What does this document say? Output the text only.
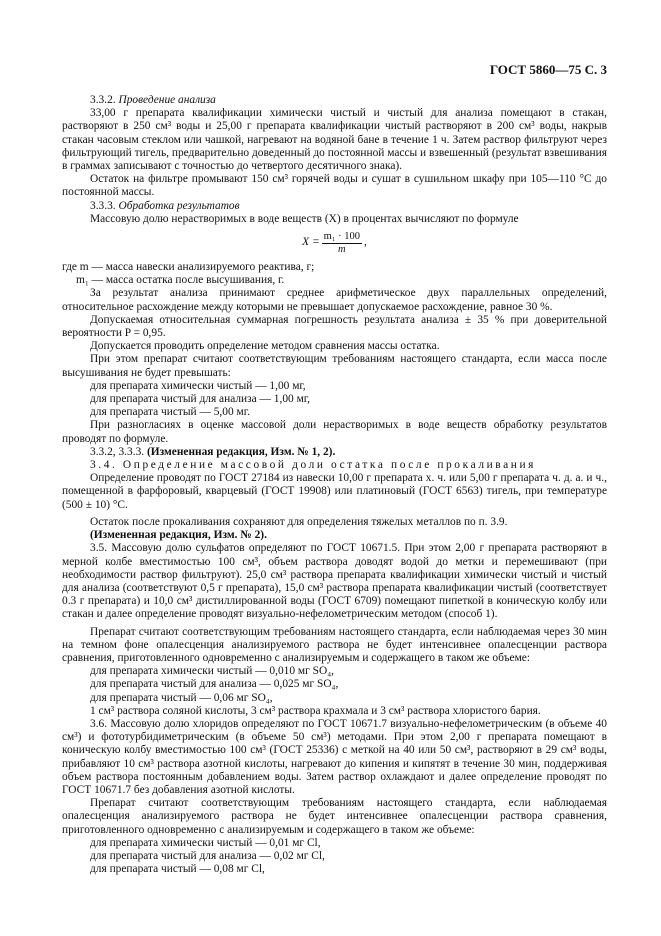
ГОСТ 5860—75 С. 3

3.3.2. Проведение анализа

33,00 г препарата квалификации химически чистый и чистый для анализа помещают в стакан, растворяют в 250 см³ воды и 25,00 г препарата квалификации чистый растворяют в 200 см³ воды, накрыв стакан часовым стеклом или чашкой, нагревают на водяной бане в течение 1 ч. Затем раствор фильтруют через фильтрующий тигель, предварительно доведенный до постоянной массы и взвешенный (результат взвешивания в граммах записывают с точностью до четвертого десятичного знака).

Остаток на фильтре промывают 150 см³ горячей воды и сушат в сушильном шкафу при 105—110 °С до постоянной массы.

3.3.3. Обработка результатов

Массовую долю нерастворимых в воде веществ (X) в процентах вычисляют по формуле

$X = \frac{\text{m₁ · 100}}{m}$ ,

где m — масса навески анализируемого реактива, г;

m₁ — масса остатка после высушивания, г.

За результат анализа принимают среднее арифметическое двух параллельных определений, относительное расхождение между которыми не превышает допускаемое расхождение, равное 30 %.

Допускаемая относительная суммарная погрешность результата анализа ± 35 % при доверительной вероятности P = 0,95.

Допускается проводить определение методом сравнения массы остатка.

При этом препарат считают соответствующим требованиям настоящего стандарта, если масса после высушивания не будет превышать:

для препарата химически чистый — 1,00 мг,

для препарата чистый для анализа — 1,00 мг,

для препарата чистый — 5,00 мг.

При разногласиях в оценке массовой доли нерастворимых в воде веществ обработку результатов проводят по формуле.

3.3.2, 3.3.3. (Измененная редакция, Изм. № 1, 2).

3.4. Определение массовой доли остатка после прокаливания

Определение проводят по ГОСТ 27184 из навески 10,00 г препарата х. ч. или 5,00 г препарата ч. д. а. и ч., помещенной в фарфоровый, кварцевый (ГОСТ 19908) или платиновый (ГОСТ 6563) тигель, при температуре (500 ± 10) °С.

Остаток после прокаливания сохраняют для определения тяжелых металлов по п. 3.9.

(Измененная редакция, Изм. № 2).

3.5. Массовую долю сульфатов определяют по ГОСТ 10671.5. При этом 2,00 г препарата растворяют в мерной колбе вместимостью 100 см³, объем раствора доводят водой до метки и перемешивают (при необходимости раствор фильтруют). 25,0 см³ раствора препарата квалификации химически чистый и чистый для анализа (соответствуют 0,5 г препарата), 15,0 см³ раствора препарата квалификации чистый (соответствует 0.3 г препарата) и 10,0 см³ дистиллированной воды (ГОСТ 6709) помещают пипеткой в коническую колбу или стакан и далее определение проводят визуально-нефелометрическим методом (способ 1).

Препарат считают соответствующим требованиям настоящего стандарта, если наблюдаемая через 30 мин на темном фоне опалесценция анализируемого раствора не будет интенсивнее опалесценции раствора сравнения, приготовленного одновременно с анализируемым и содержащего в таком же объеме:

для препарата химически чистый — 0,010 мг SO₄,

для препарата чистый для анализа — 0,025 мг SO₄,

для препарата чистый — 0,06 мг SO₄,

1 см³ раствора соляной кислоты, 3 см³ раствора крахмала и 3 см³ раствора хлористого бария.

3.6. Массовую долю хлоридов определяют по ГОСТ 10671.7 визуально-нефелометрическим (в объеме 40 см³) и фототурбидиметрическим (в объеме 50 см³) методами. При этом 2,00 г препарата помещают в коническую колбу вместимостью 100 см³ (ГОСТ 25336) с меткой на 40 или 50 см³, растворяют в 29 см³ воды, прибавляют 10 см³ раствора азотной кислоты, нагревают до кипения и кипятят в течение 30 мин, поддерживая объем раствора постоянным добавлением воды. Затем раствор охлаждают и далее определение проводят по ГОСТ 10671.7 без добавления азотной кислоты.

Препарат считают соответствующим требованиям настоящего стандарта, если наблюдаемая опалесценция анализируемого раствора не будет интенсивнее опалесценции раствора сравнения, приготовленного одновременно с анализируемым и содержащего в таком же объеме:

для препарата химически чистый — 0,01 мг Cl,

для препарата чистый для анализа — 0,02 мг Cl,

для препарата чистый — 0,08 мг Cl,
